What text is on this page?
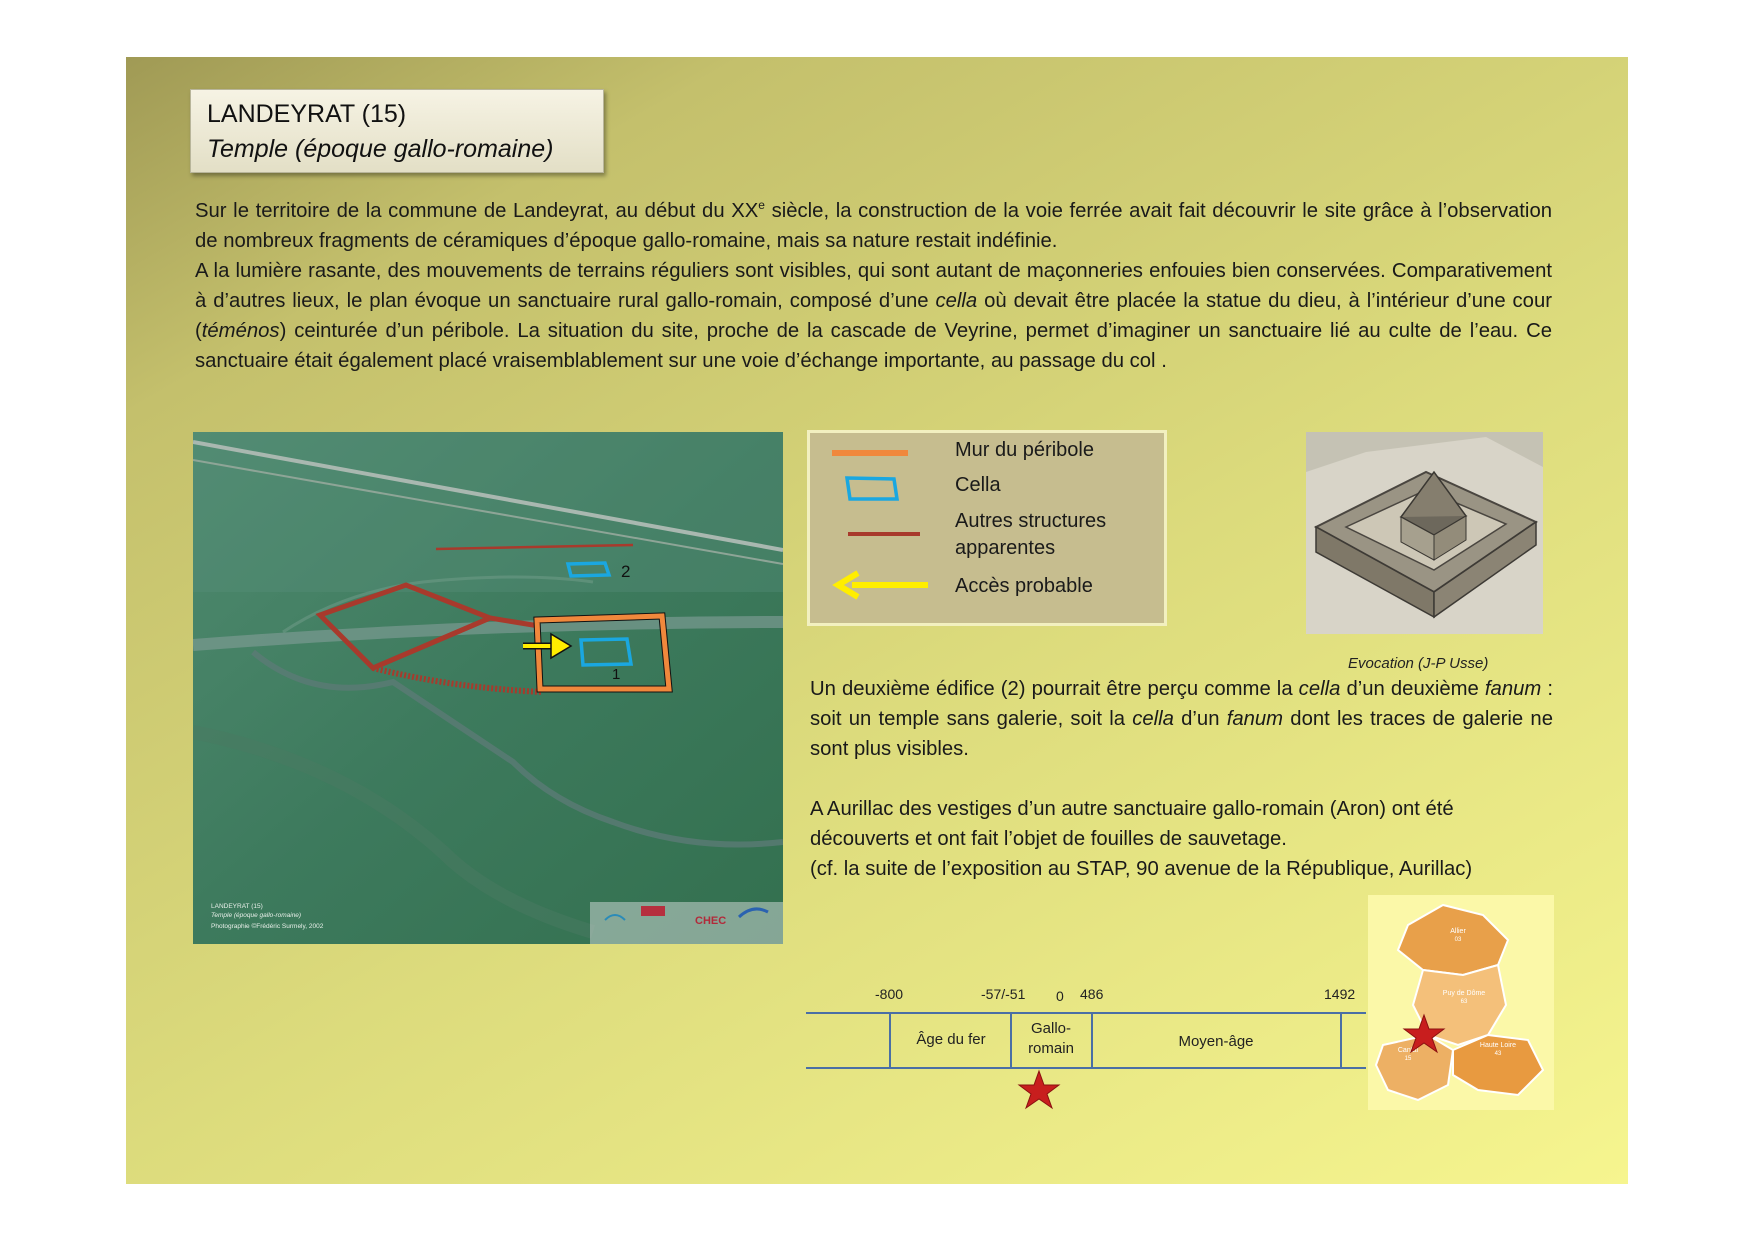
LANDEYRAT (15)
Temple (époque gallo-romaine)

Sur le territoire de la commune de Landeyrat, au début du XXe siècle, la construction de la voie ferrée avait fait découvrir le site grâce à l’observation de nombreux fragments de céramiques d’époque gallo-romaine, mais sa nature restait indéfinie.

A la lumière rasante, des mouvements de terrains réguliers sont visibles, qui sont autant de maçonneries enfouies bien conservées. Comparativement à d’autres lieux, le plan évoque un sanctuaire rural gallo-romain, composé d’une cella où devait être placée la statue du dieu, à l’intérieur d’une cour (téménos) ceinturée d’un péribole. La situation du site, proche de la cascade de Veyrine, permet d’imaginer un sanctuaire lié au culte de l’eau. Ce sanctuaire était également placé vraisemblablement sur une voie d’échange importante, au passage du col .

1
2
LANDEYRAT (15)
Temple (époque gallo-romaine)
Photographie ©Frédéric Surmely, 2002	CHEC
Mur du péribole
Cella
Autres structures
apparentes
Accès probable
Evocation (J-P Usse)

Un deuxième édifice (2) pourrait être perçu comme la cella d’un deuxième fanum : soit un temple sans galerie, soit la cella d’un fanum dont les traces de galerie ne sont plus visibles.

A Aurillac des vestiges d’un autre sanctuaire gallo-romain (Aron) ont été découverts et ont fait l’objet de fouilles de sauvetage.

(cf. la suite de l’exposition au STAP, 90 avenue de la République, Aurillac)

-800	-57/-51 0 486	1492
Âge du fer
Gallo-
romain	Moyen-âge
Allier
03
Puy de Dôme
63
Cantal
15
Haute Loire
43
